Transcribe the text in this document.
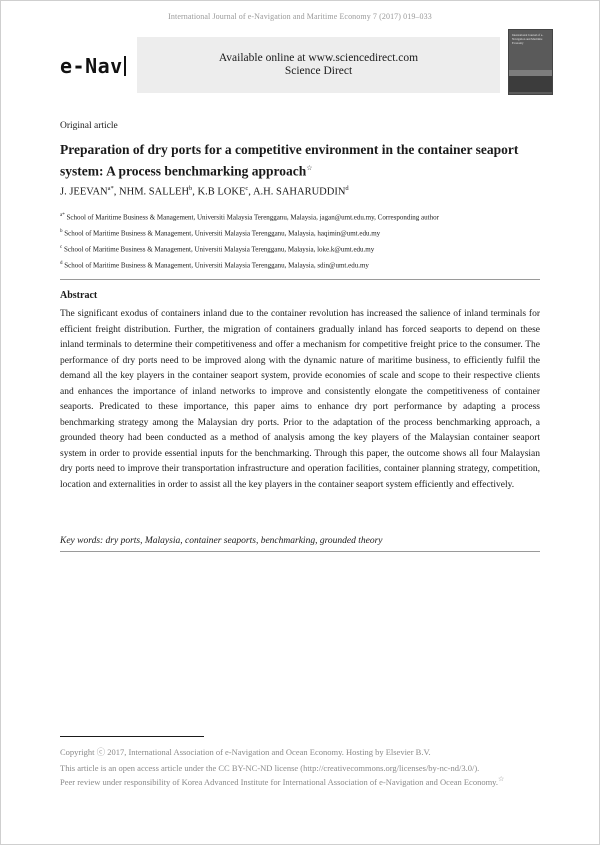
International Journal of e-Navigation and Maritime Economy 7 (2017) 019–033
e-Nav	Available online at www.sciencedirect.com
Science Direct
International Journal of e-Navigation and Maritime Economy
Original article
Preparation of dry ports for a competitive environment in the container seaport system: A process benchmarking approach☆
J. $JEEVAN^{a*}$, NHM. SALLEH$^b$, K.B LOKE$^c$, A.H. SAHARUDDIN$^d$
$^{a*}$ School of Maritime Business & Management, Universiti Malaysia Terengganu, Malaysia, jagan@umt.edu.my, Corresponding author
$^b$ School of Maritime Business & Management, Universiti Malaysia Terengganu, Malaysia, haqimin@umt.edu.my
$^c$ School of Maritime Business & Management, Universiti Malaysia Terengganu, Malaysia, loke.k@umt.edu.my
$^d$ School of Maritime Business & Management, Universiti Malaysia Terengganu, Malaysia, sdin@umt.edu.my
Abstract
The significant exodus of containers inland due to the container revolution has increased the salience of inland terminals for efficient freight distribution. Further, the migration of containers gradually inland has forced seaports to depend on these inland terminals to determine their competitiveness and offer a mechanism for competitive freight price to the consumer. The performance of dry ports need to be improved along with the dynamic nature of maritime business, to efficiently fulfil the demand all the key players in the container seaport system, provide economies of scale and scope to their respective clients and enhances the importance of inland networks to improve and consistently elongate the competitiveness of container seaports. Predicated to these importance, this paper aims to enhance dry port performance by adapting a process benchmarking strategy among the Malaysian dry ports. Prior to the adaptation of the process benchmarking approach, a grounded theory had been conducted as a method of analysis among the key players of the Malaysian container seaport system in order to provide essential inputs for the benchmarking. Through this paper, the outcome shows all four Malaysian dry ports need to improve their transportation infrastructure and operation facilities, container planning strategy, competition, location and externalities in order to assist all the key players in the container seaport system efficiently and effectively.
Key words: dry ports, Malaysia, container seaports, benchmarking, grounded theory
Copyright ⓒ 2017, International Association of e-Navigation and Ocean Economy. Hosting by Elsevier B.V.
This article is an open access article under the CC BY-NC-ND license (http://creativecommons.org/licenses/by-nc-nd/3.0/).
Peer review under responsibility of Korea Advanced Institute for International Association of e-Navigation and Ocean Economy.☆
